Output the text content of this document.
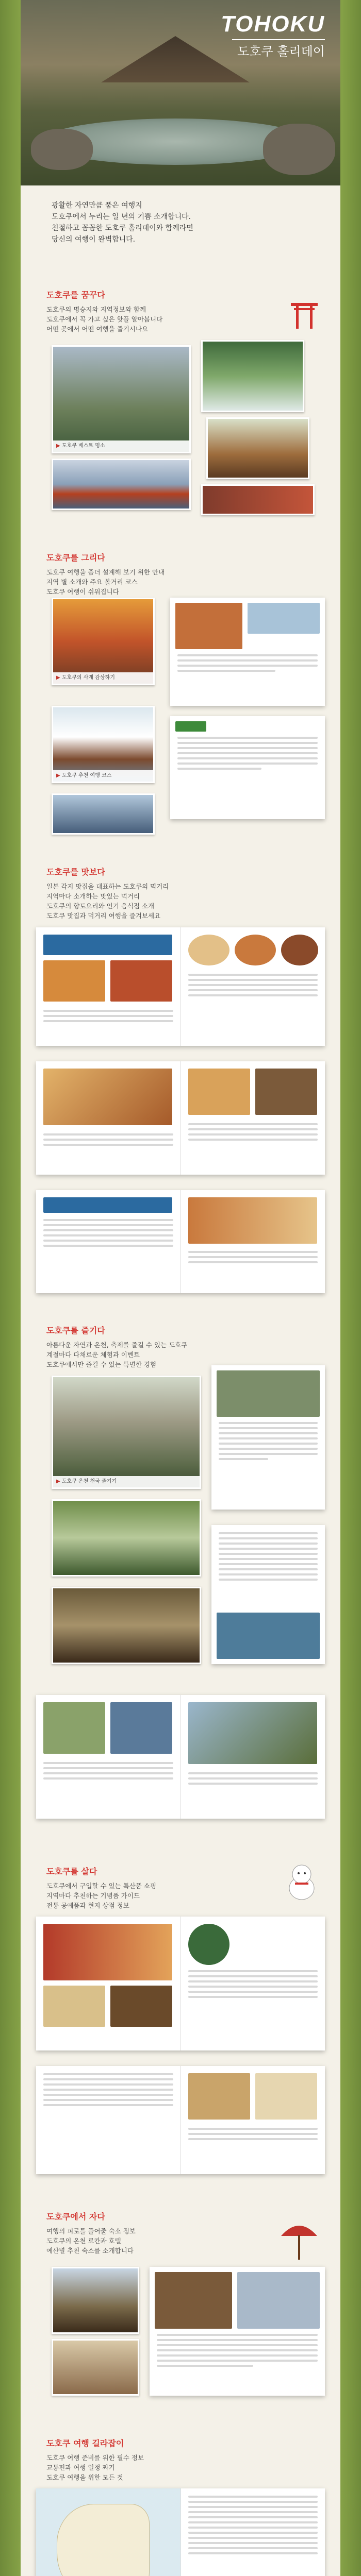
TOHOKU
도호쿠 홀리데이
광활한 자연만큼 품은 여행지
도호쿠에서 누리는 일 년의 기쁨 소개합니다.
친절하고 꼼꼼한 도호쿠 홀리데이와 함께라면
당신의 여행이 완벽합니다.
도호쿠를 꿈꾸다

도호쿠의 명승지와 지역정보와 함께

도호쿠에서 꼭 가고 싶은 핫플 알아봅니다

어떤 곳에서 어떤 여행을 즐기시나요

▶ 도호쿠 베스트 명소
도호쿠를 그리다

도호쿠 여행을 좀더 설계해 보기 위한 안내

지역 별 소개와 주요 볼거리 코스

도호쿠 여행이 쉬워집니다

▶ 도호쿠의 사계 감상하기
▶ 도호쿠 추천 여행 코스
도호쿠를 맛보다

일본 각지 맛집을 대표하는 도호쿠의 먹거리

지역마다 소개하는 맛있는 먹거리

도호쿠의 향토요리와 인기 음식점 소개

도호쿠 맛집과 먹거리 여행을 즐겨보세요

도호쿠를 즐기다

아름다운 자연과 온천, 축제를 즐길 수 있는 도호쿠

계절마다 다채로운 체험과 이벤트

도호쿠에서만 즐길 수 있는 특별한 경험

▶ 도호쿠 온천 천국 즐기기
도호쿠를 살다

도호쿠에서 구입할 수 있는 특산품 쇼핑

지역마다 추천하는 기념품 가이드

전통 공예품과 현지 상점 정보

도호쿠에서 자다

여행의 피로를 풀어줄 숙소 정보

도호쿠의 온천 료칸과 호텔

예산별 추천 숙소를 소개합니다

도호쿠 여행 길라잡이

도호쿠 여행 준비를 위한 필수 정보

교통편과 여행 일정 짜기

도호쿠 여행을 위한 모든 것
